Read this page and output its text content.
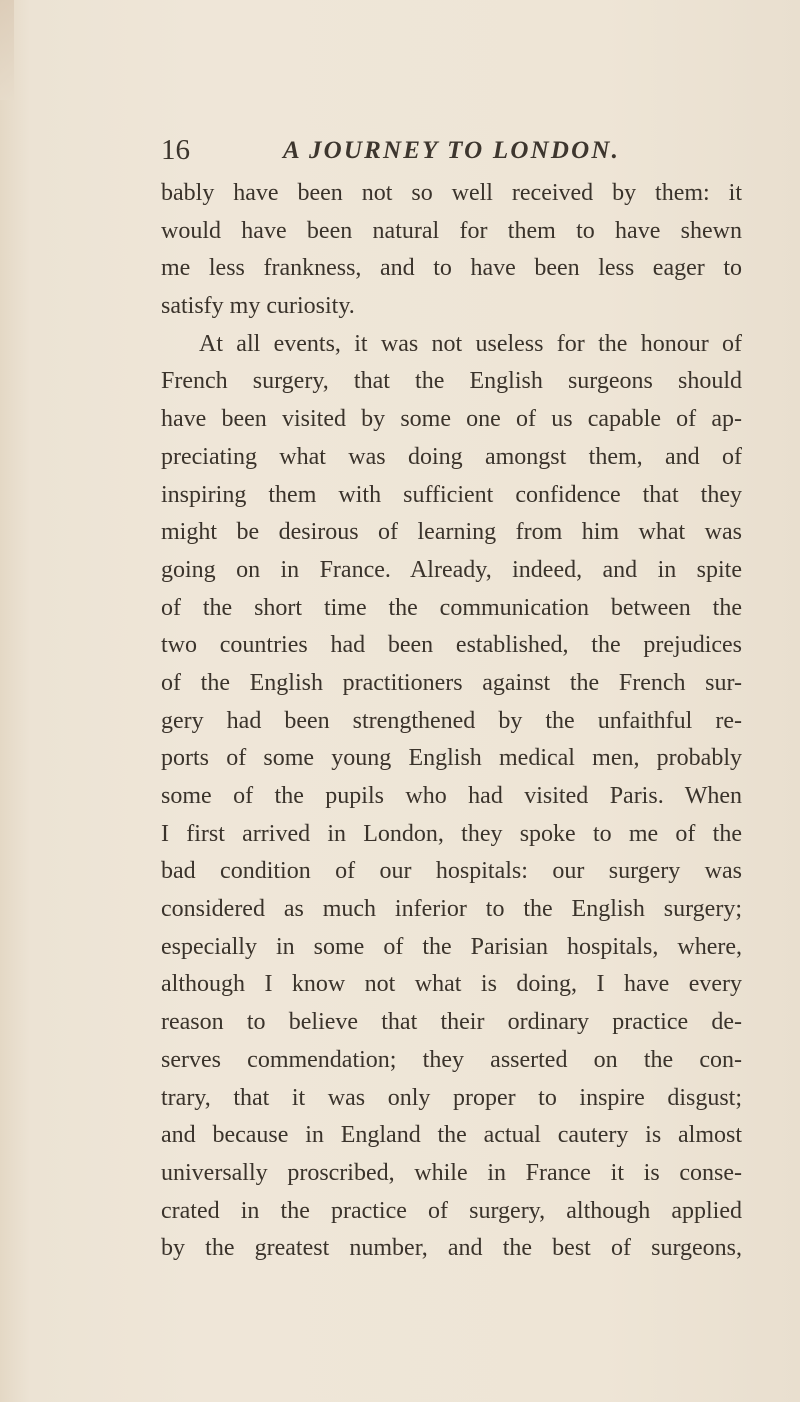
16	A JOURNEY TO LONDON.
bably have been not so well received by them: it
would have been natural for them to have shewn
me less frankness, and to have been less eager to
satisfy my curiosity.
At all events, it was not useless for the honour of
French surgery, that the English surgeons should
have been visited by some one of us capable of ap-
preciating what was doing amongst them, and of
inspiring them with sufficient confidence that they
might be desirous of learning from him what was
going on in France. Already, indeed, and in spite
of the short time the communication between the
two countries had been established, the prejudices
of the English practitioners against the French sur-
gery had been strengthened by the unfaithful re-
ports of some young English medical men, probably
some of the pupils who had visited Paris. When
I first arrived in London, they spoke to me of the
bad condition of our hospitals: our surgery was
considered as much inferior to the English surgery;
especially in some of the Parisian hospitals, where,
although I know not what is doing, I have every
reason to believe that their ordinary practice de-
serves commendation; they asserted on the con-
trary, that it was only proper to inspire disgust;
and because in England the actual cautery is almost
universally proscribed, while in France it is conse-
crated in the practice of surgery, although applied
by the greatest number, and the best of surgeons,
